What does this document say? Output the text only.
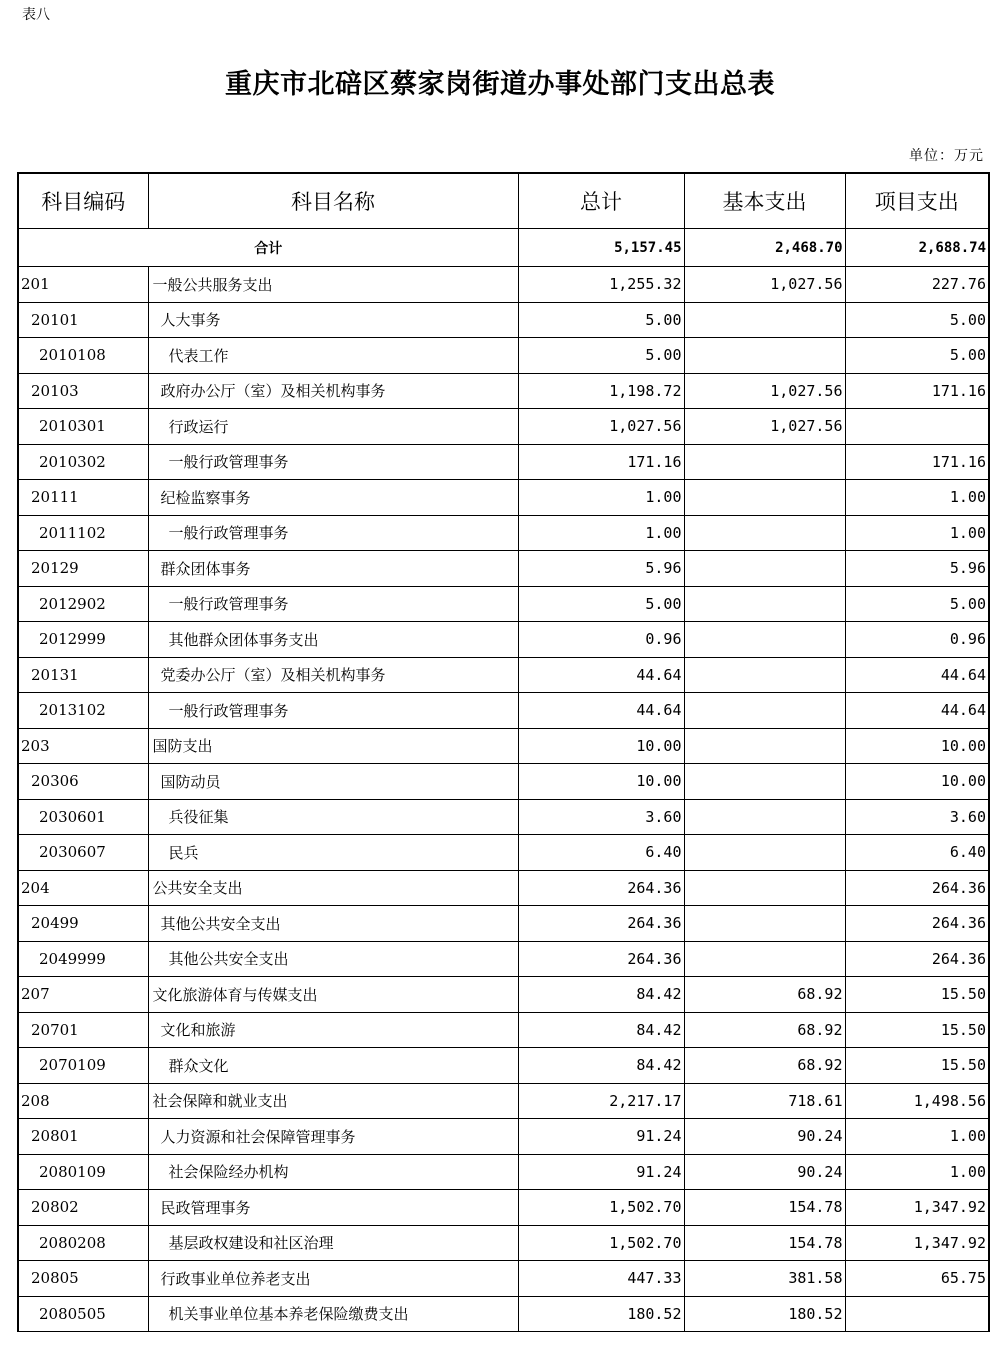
表八
重庆市北碚区蔡家岗街道办事处部门支出总表
单位：万元
科目编码	科目名称	总计	基本支出	项目支出
合计		5,157.45	2,468.70	2,688.74
201	一般公共服务支出	1,255.32	1,027.56	227.76
20101	人大事务	5.00		5.00
2010108	代表工作	5.00		5.00
20103	政府办公厅（室）及相关机构事务	1,198.72	1,027.56	171.16
2010301	行政运行	1,027.56	1,027.56	
2010302	一般行政管理事务	171.16		171.16
20111	纪检监察事务	1.00		1.00
2011102	一般行政管理事务	1.00		1.00
20129	群众团体事务	5.96		5.96
2012902	一般行政管理事务	5.00		5.00
2012999	其他群众团体事务支出	0.96		0.96
20131	党委办公厅（室）及相关机构事务	44.64		44.64
2013102	一般行政管理事务	44.64		44.64
203	国防支出	10.00		10.00
20306	国防动员	10.00		10.00
2030601	兵役征集	3.60		3.60
2030607	民兵	6.40		6.40
204	公共安全支出	264.36		264.36
20499	其他公共安全支出	264.36		264.36
2049999	其他公共安全支出	264.36		264.36
207	文化旅游体育与传媒支出	84.42	68.92	15.50
20701	文化和旅游	84.42	68.92	15.50
2070109	群众文化	84.42	68.92	15.50
208	社会保障和就业支出	2,217.17	718.61	1,498.56
20801	人力资源和社会保障管理事务	91.24	90.24	1.00
2080109	社会保险经办机构	91.24	90.24	1.00
20802	民政管理事务	1,502.70	154.78	1,347.92
2080208	基层政权建设和社区治理	1,502.70	154.78	1,347.92
20805	行政事业单位养老支出	447.33	381.58	65.75
2080505	机关事业单位基本养老保险缴费支出	180.52	180.52	
